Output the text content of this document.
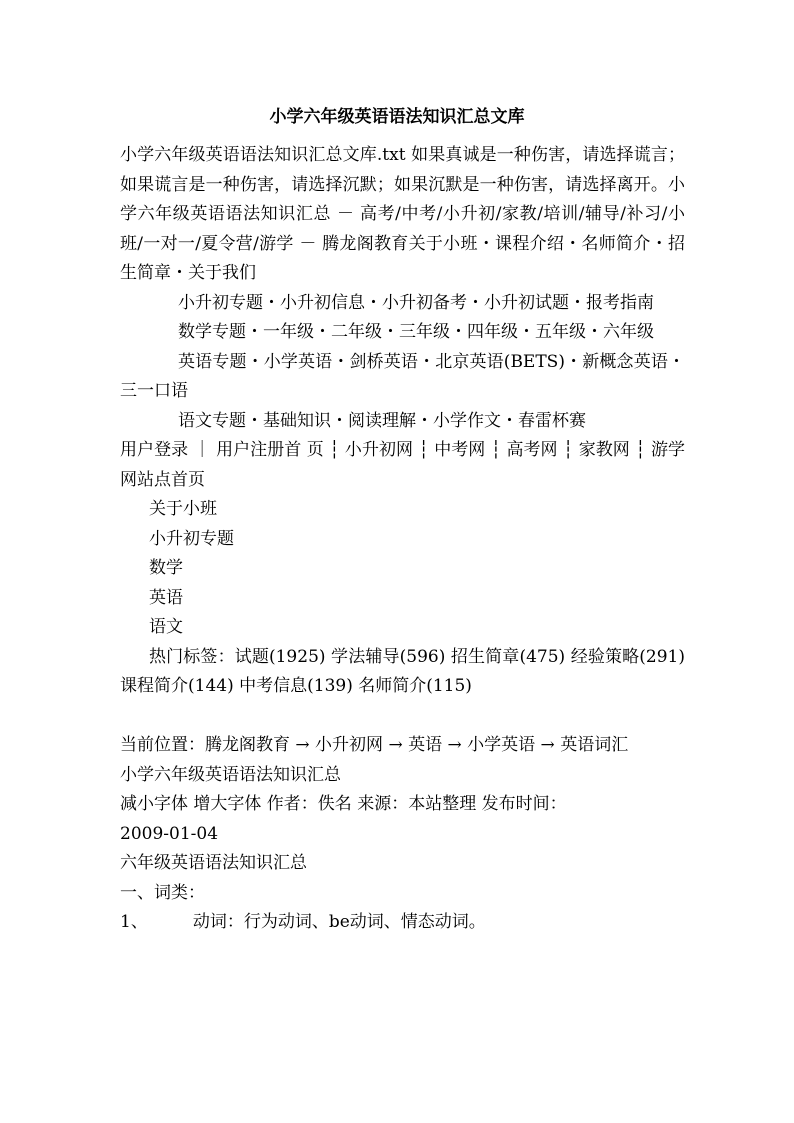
小学六年级英语语法知识汇总文库

小学六年级英语语法知识汇总文库.txt 如果真诚是一种伤害，请选择谎言；如果谎言是一种伤害，请选择沉默；如果沉默是一种伤害，请选择离开。小学六年级英语语法知识汇总 － 高考/中考/小升初/家教/培训/辅导/补习/小班/一对一/夏令营/游学 － 腾龙阁教育关于小班・课程介绍・名师简介・招生简章・关于我们

小升初专题・小升初信息・小升初备考・小升初试题・报考指南

数学专题・一年级・二年级・三年级・四年级・五年级・六年级

英语专题・小学英语・剑桥英语・北京英语(BETS)・新概念英语・三一口语

语文专题・基础知识・阅读理解・小学作文・春雷杯赛

用户登录 ｜ 用户注册首 页 ┆ 小升初网 ┆ 中考网 ┆ 高考网 ┆ 家教网 ┆ 游学网站点首页

关于小班

小升初专题

数学

英语

语文

热门标签：试题(1925) 学法辅导(596) 招生简章(475) 经验策略(291) 课程简介(144) 中考信息(139) 名师简介(115)

当前位置：腾龙阁教育 → 小升初网 → 英语 → 小学英语 → 英语词汇

小学六年级英语语法知识汇总

减小字体 增大字体 作者：佚名 来源：本站整理 发布时间：

2009-01-04

六年级英语语法知识汇总

一、词类：

1、	动词：行为动词、be动词、情态动词。
